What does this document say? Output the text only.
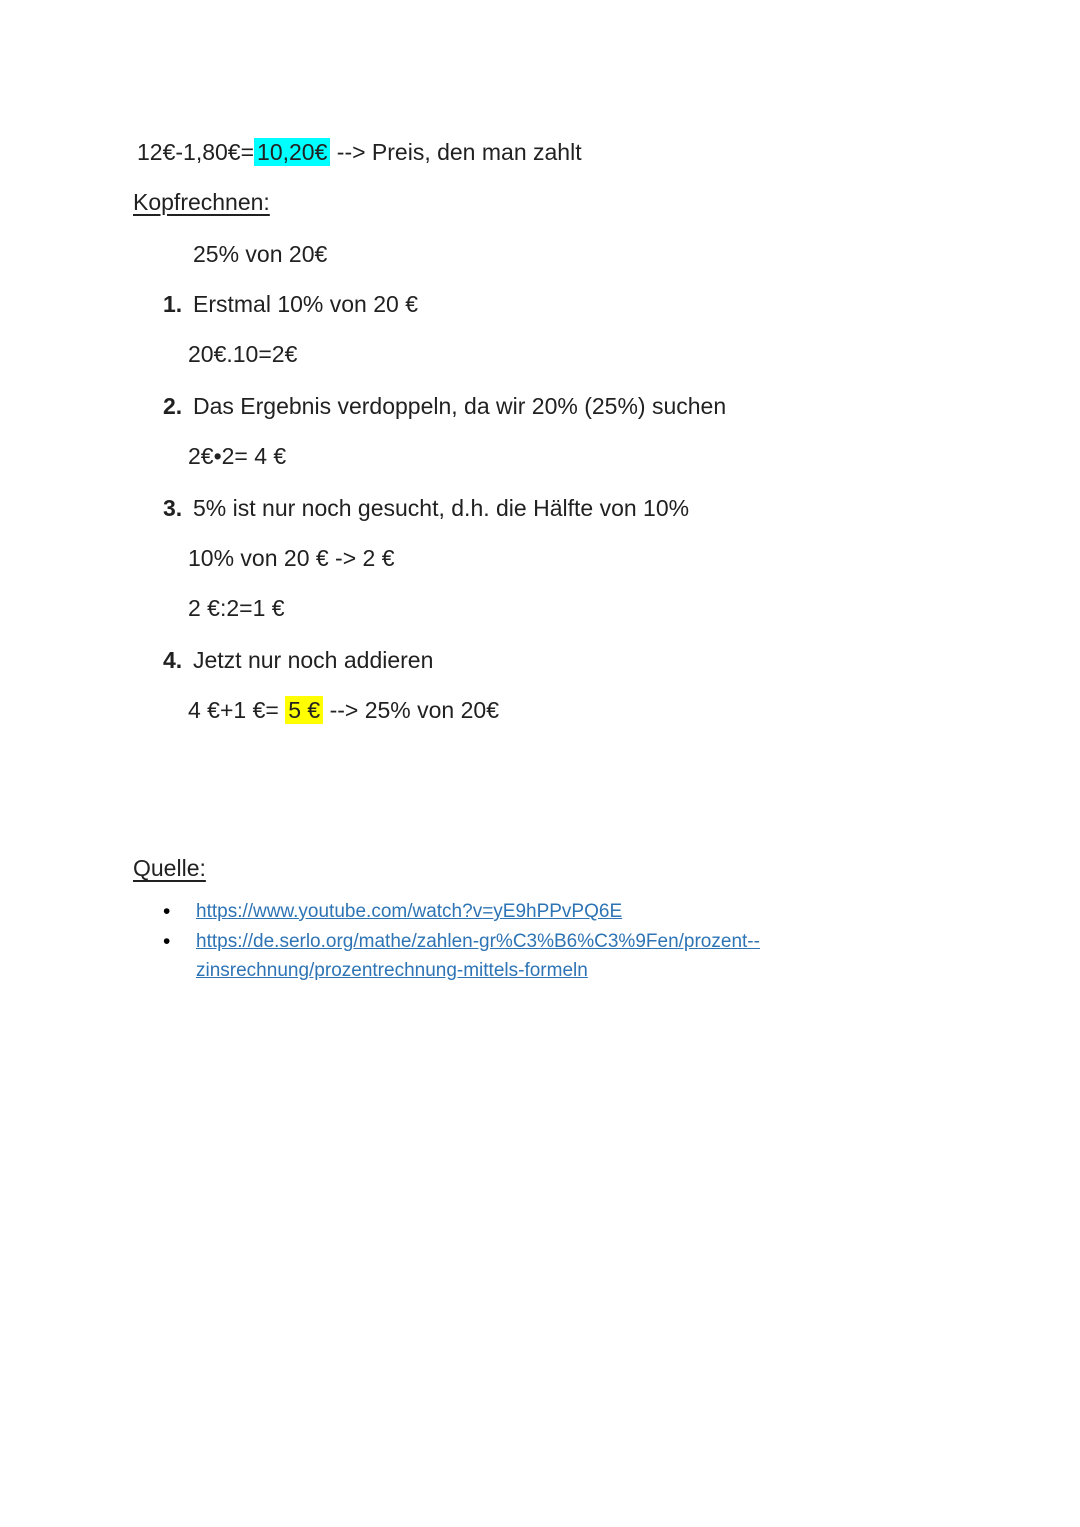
12€-1,80€= 10,20€ --> Preis, den man zahlt

Kopfrechnen:

25% von 20€

1. Erstmal 10% von 20 €

20€.10=2€

2. Das Ergebnis verdoppeln, da wir 20% (25%) suchen

2€•2= 4 €

3. 5% ist nur noch gesucht, d.h. die Hälfte von 10%

10% von 20 € -> 2 €

2 €:2=1 €

4. Jetzt nur noch addieren

4 €+1 €= 5 € --> 25% von 20€

Quelle:
•	https://www.youtube.com/watch?v=yE9hPPvPQ6E
•	https://de.serlo.org/mathe/zahlen-gr%C3%B6%C3%9Fen/prozent--zinsrechnung/prozentrechnung-mittels-formeln
